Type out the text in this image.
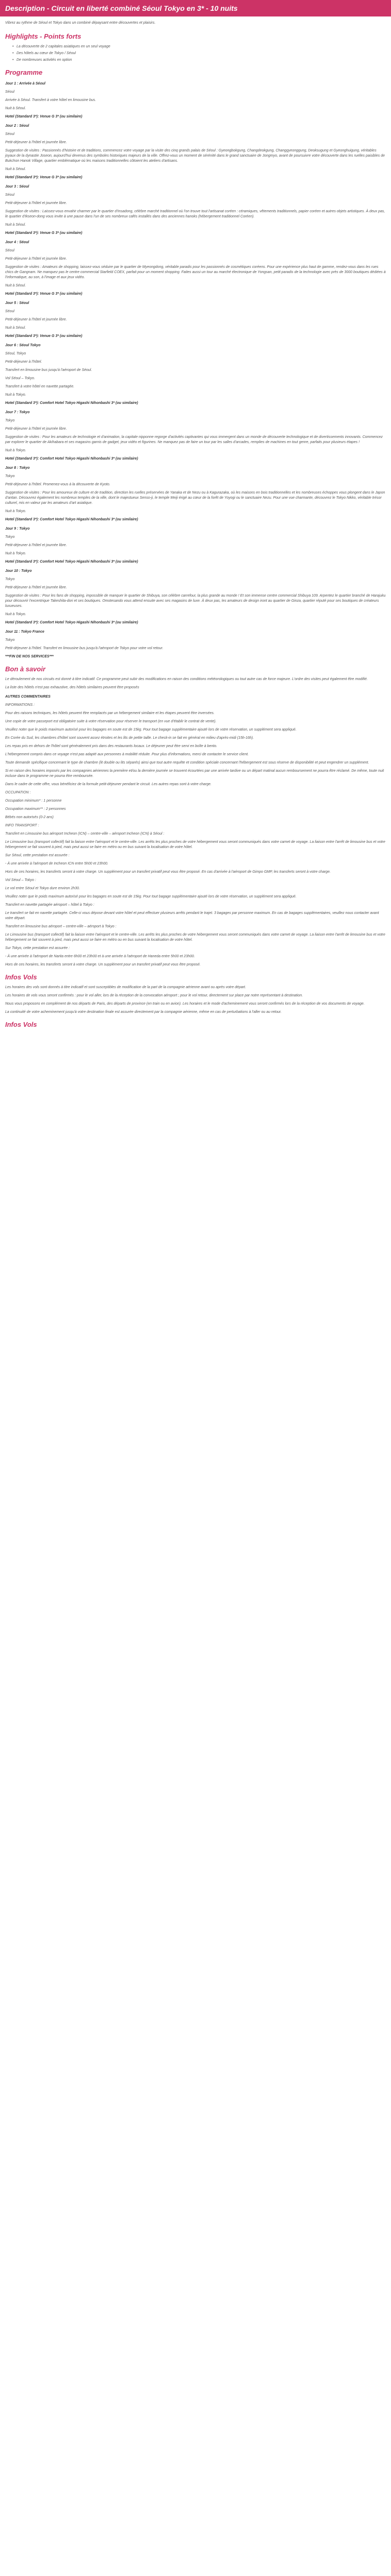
Description - Circuit en liberté combiné Séoul Tokyo en 3* - 10 nuits

Vibrez au rythme de Séoul et Tokyo dans un combiné dépaysant entre découvertes et plaisirs.

Highlights - Points forts
• La découverte de 2 capitales asiatiques en un seul voyage
• Des hôtels au cœur de Tokyo / Séoul
• De nombreuses activités en option
Programme

Jour 1 : Arrivée à Séoul

Séoul

Arrivée à Séoul. Transfert à votre hôtel en limousine bus.

Nuit à Séoul.

Hotel (Standard 3*): Venue G 3* (ou similaire)

Jour 2 : Séoul

Séoul

Petit-déjeuner à l'hôtel et journée libre.

Suggestion de visites : Passionnés d'histoire et de traditions, commencez votre voyage par la visite des cinq grands palais de Séoul : Gyeongbokgung, Changdeokgung, Changgyeonggung, Deoksugung et Gyeonghuigung, véritables joyaux de la dynastie Joseon, aujourd'hui devenus des symboles historiques majeurs de la ville. Offrez-vous un moment de sérénité dans le grand sanctuaire de Jongmyo, avant de poursuivre votre découverte dans les ruelles paisibles de Bukchon Hanok Village, quartier emblématique où les maisons traditionnelles côtoient les ateliers d'artisans.

Nuit à Séoul.

Hotel (Standard 3*): Venue G 3* (ou similaire)

Jour 3 : Séoul

Séoul

Petit-déjeuner à l'hôtel et journée libre.

Suggestion de visites : Laissez-vous envahir charmer par le quartier d'Insadong, célèbre marché traditionnel où l'on trouve tout l'artisanat coréen : céramiques, vêtements traditionnels, papier coréen et autres objets artistiques. À deux pas, le quartier d'Ikseon-dong vous invite à une pause dans l'un de ses nombreux cafés installés dans des anciennes hanoks (hébergement traditionnel Coréen).

Nuit à Séoul.

Hotel (Standard 3*): Venue G 3* (ou similaire)

Jour 4 : Séoul

Séoul

Petit-déjeuner à l'hôtel et journée libre.

Suggestion de visites : Amateurs de shopping, laissez-vous séduire par le quartier de Myeongdong, véritable paradis pour les passionnés de cosmétiques coréens. Pour une expérience plus haut de gamme, rendez-vous dans les rues chics de Gangnam. Ne manquez pas le centre commercial Starfield COEX, parfait pour un moment shopping. Faites aussi un tour au marché électronique de Yongsan, petit paradis de la technologie avec près de 3000 boutiques dédiées à l'informatique, au son, à l'image et aux jeux vidéo.

Nuit à Séoul.

Hotel (Standard 3*): Venue G 3* (ou similaire)

Jour 5 : Séoul

Séoul

Petit-déjeuner à l'hôtel et journée libre.

Nuit à Séoul.

Hotel (Standard 3*): Venue G 3* (ou similaire)

Jour 6 : Séoul Tokyo

Séoul, Tokyo

Petit-déjeuner à l'hôtel.

Transfert en limousine bus jusqu'à l'aéroport de Séoul.

Vol Séoul – Tokyo.

Transfert à votre hôtel en navette partagée.

Nuit à Tokyo.

Hotel (Standard 3*): Comfort Hotel Tokyo Higashi Nihonbashi 3* (ou similaire)

Jour 7 : Tokyo

Tokyo

Petit-déjeuner à l'hôtel et journée libre.

Suggestion de visites : Pour les amateurs de technologie et d'animation, la capitale nipponne regorge d'activités captivantes qui vous immergent dans un monde de découverte technologique et de divertissements innovants. Commencez par explorer le quartier de Akihabara et ses magasins garnis de gadget, jeux vidéo et figurines. Ne manquez pas de faire un tour par les salles d'arcades, remplies de machines en tout genre, parfaits pour plusieurs étapes !

Nuit à Tokyo.

Hotel (Standard 3*): Comfort Hotel Tokyo Higashi Nihonbashi 3* (ou similaire)

Jour 8 : Tokyo

Tokyo

Petit-déjeuner à l'hôtel. Promenez-vous à la découverte de Kyoto.

Suggestion de visites : Pour les amoureux de culture et de tradition, direction les ruelles préservées de Yanaka et de Nezu ou à Kagurazaka, où les maisons en bois traditionnelles et les nombreuses échoppes vous plongent dans le Japon d'antan. Découvrez également les nombreux temples de la ville, dont le majestueux Senso-ji, le temple Meiji érigé au cœur de la forêt de Yoyogi ou le sanctuaire Nezu. Pour une vue charmante, découvrez le Tokyo Nikko, véritable trésor culturel, mis en valeur par les amateurs d'art asiatique.

Nuit à Tokyo.

Hotel (Standard 3*): Comfort Hotel Tokyo Higashi Nihonbashi 3* (ou similaire)

Jour 9 : Tokyo

Tokyo

Petit-déjeuner à l'hôtel et journée libre.

Nuit à Tokyo.

Hotel (Standard 3*): Comfort Hotel Tokyo Higashi Nihonbashi 3* (ou similaire)

Jour 10 : Tokyo

Tokyo

Petit-déjeuner à l'hôtel et journée libre.

Suggestion de visites : Pour les fans de shopping, impossible de manquer le quartier de Shibuya, son célèbre carrefour, la plus grande au monde ! Et son immense centre commercial Shibuya 109. Arpentez le quartier branché de Harajuku pour découvrir l'excentrique Takeshita-dori et ses boutiques. Omotesando vous attend ensuite avec ses magasins de luxe. À deux pas, les amateurs de design iront au quartier de Ginza, quartier réputé pour ses boutiques de créateurs luxueuses.

Nuit à Tokyo.

Hotel (Standard 3*): Comfort Hotel Tokyo Higashi Nihonbashi 3* (ou similaire)

Jour 11 : Tokyo France

Tokyo

Petit-déjeuner à l'hôtel. Transfert en limousine bus jusqu'à l'aéroport de Tokyo pour votre vol retour.

***FIN DE NOS SERVICES***

Bon à savoir

Le déroulement de nos circuits est donné à titre indicatif. Ce programme peut subir des modifications en raison des conditions météorologiques ou tout autre cas de force majeure. L'ordre des visites peut également être modifié.

La liste des hôtels n'est pas exhaustive, des hôtels similaires peuvent être proposés

AUTRES COMMENTAIRES

INFORMATIONS :

Pour des raisons techniques, les hôtels peuvent être remplacés par un hébergement similaire et les étapes peuvent être inversées.

Une copie de votre passeport est obligatoire suite à votre réservation pour réserver le transport (en vue d'établir le contrat de vente).

Veuillez noter que le poids maximum autorisé pour les bagages en soute est de 15kg. Pour tout bagage supplémentaire ajouté lors de votre réservation, un supplément sera appliqué.

En Corée du Sud, les chambres d'hôtel sont souvent assez étroites et les lits de petite taille. Le check-in se fait en général en milieu d'après-midi (15h-16h).

Les repas pris en dehors de l'hôtel sont généralement pris dans des restaurants locaux. Le déjeuner peut être servi en boîte à bento.

L'hébergement compris dans ce voyage n'est pas adapté aux personnes à mobilité réduite. Pour plus d'informations, merci de contacter le service client.

Toute demande spécifique concernant le type de chambre (lit double ou lits séparés) ainsi que tout autre requête et condition spéciale concernant l'hébergement est sous réserve de disponibilité et peut engendrer un supplément.

Si en raison des horaires imposés par les compagnies aériennes la première et/ou la dernière journée se trouvent écourtées par une arrivée tardive ou un départ matinal aucun remboursement ne pourra être réclamé. De même, toute nuit incluse dans le programme ne pourra être remboursée.

Dans le cadre de cette offre, vous bénéficiez de la formule petit-déjeuner pendant le circuit. Les autres repas sont à votre charge.

OCCUPATION :

Occupation minimum* : 1 personne

Occupation maximum** : 2 personnes

Bébés non autorisés (0-2 ans)

INFO TRANSPORT :

Transfert en Limousine bus aéroport Incheon (ICN) – centre-ville – aéroport Incheon (ICN) à Séoul :

Le Limousine bus (transport collectif) fait la liaison entre l'aéroport et le centre-ville. Les arrêts les plus proches de votre hébergement vous seront communiqués dans votre carnet de voyage. La liaison entre l'arrêt de limousine bus et votre hébergement se fait souvent à pied, mais peut aussi se faire en métro ou en bus suivant la localisation de votre hôtel.

Sur Séoul, cette prestation est assurée :

- À une arrivée à l'aéroport de Incheon ICN entre 5h00 et 23h00.

Hors de ces horaires, les transferts seront à votre charge. Un supplément pour un transfert privatif peut vous être proposé. En cas d'arrivée à l'aéroport de Gimpo GMP, les transferts seront à votre charge.

Vol Séoul – Tokyo :

Le vol entre Séoul et Tokyo dure environ 2h30.

Veuillez noter que le poids maximum autorisé pour les bagages en soute est de 15kg. Pour tout bagage supplémentaire ajouté lors de votre réservation, un supplément sera appliqué.

Transfert en navette partagée aéroport – hôtel à Tokyo :

Le transfert se fait en navette partagée. Celle-ci vous dépose devant votre hôtel et peut effectuer plusieurs arrêts pendant le trajet. 3 bagages par personne maximum. En cas de bagages supplémentaires, veuillez nous contacter avant votre départ.

Transfert en limousine bus aéroport – centre-ville – aéroport à Tokyo :

Le Limousine bus (transport collectif) fait la liaison entre l'aéroport et le centre-ville. Les arrêts les plus proches de votre hébergement vous seront communiqués dans votre carnet de voyage. La liaison entre l'arrêt de limousine bus et votre hébergement se fait souvent à pied, mais peut aussi se faire en métro ou en bus suivant la localisation de votre hôtel.

Sur Tokyo, cette prestation est assurée :

- À une arrivée à l'aéroport de Narita entre 6h00 et 23h00 et à une arrivée à l'aéroport de Haneda entre 5h00 et 23h00.

Hors de ces horaires, les transferts seront à votre charge. Un supplément pour un transfert privatif peut vous être proposé.

Infos Vols

Les horaires des vols sont donnés à titre indicatif et sont susceptibles de modification de la part de la compagnie aérienne avant ou après votre départ.

Les horaires de vols vous seront confirmés : pour le vol aller, lors de la réception de la convocation aéroport ; pour le vol retour, directement sur place par notre représentant à destination.

Nous vous proposons en complément de nos départs de Paris, des départs de province (en train ou en avion). Les horaires et le mode d'acheminement vous seront confirmés lors de la réception de vos documents de voyage.

La continuité de votre acheminement jusqu'à votre destination finale est assurée directement par la compagnie aérienne, même en cas de perturbations à l'aller ou au retour.

Infos Vols
